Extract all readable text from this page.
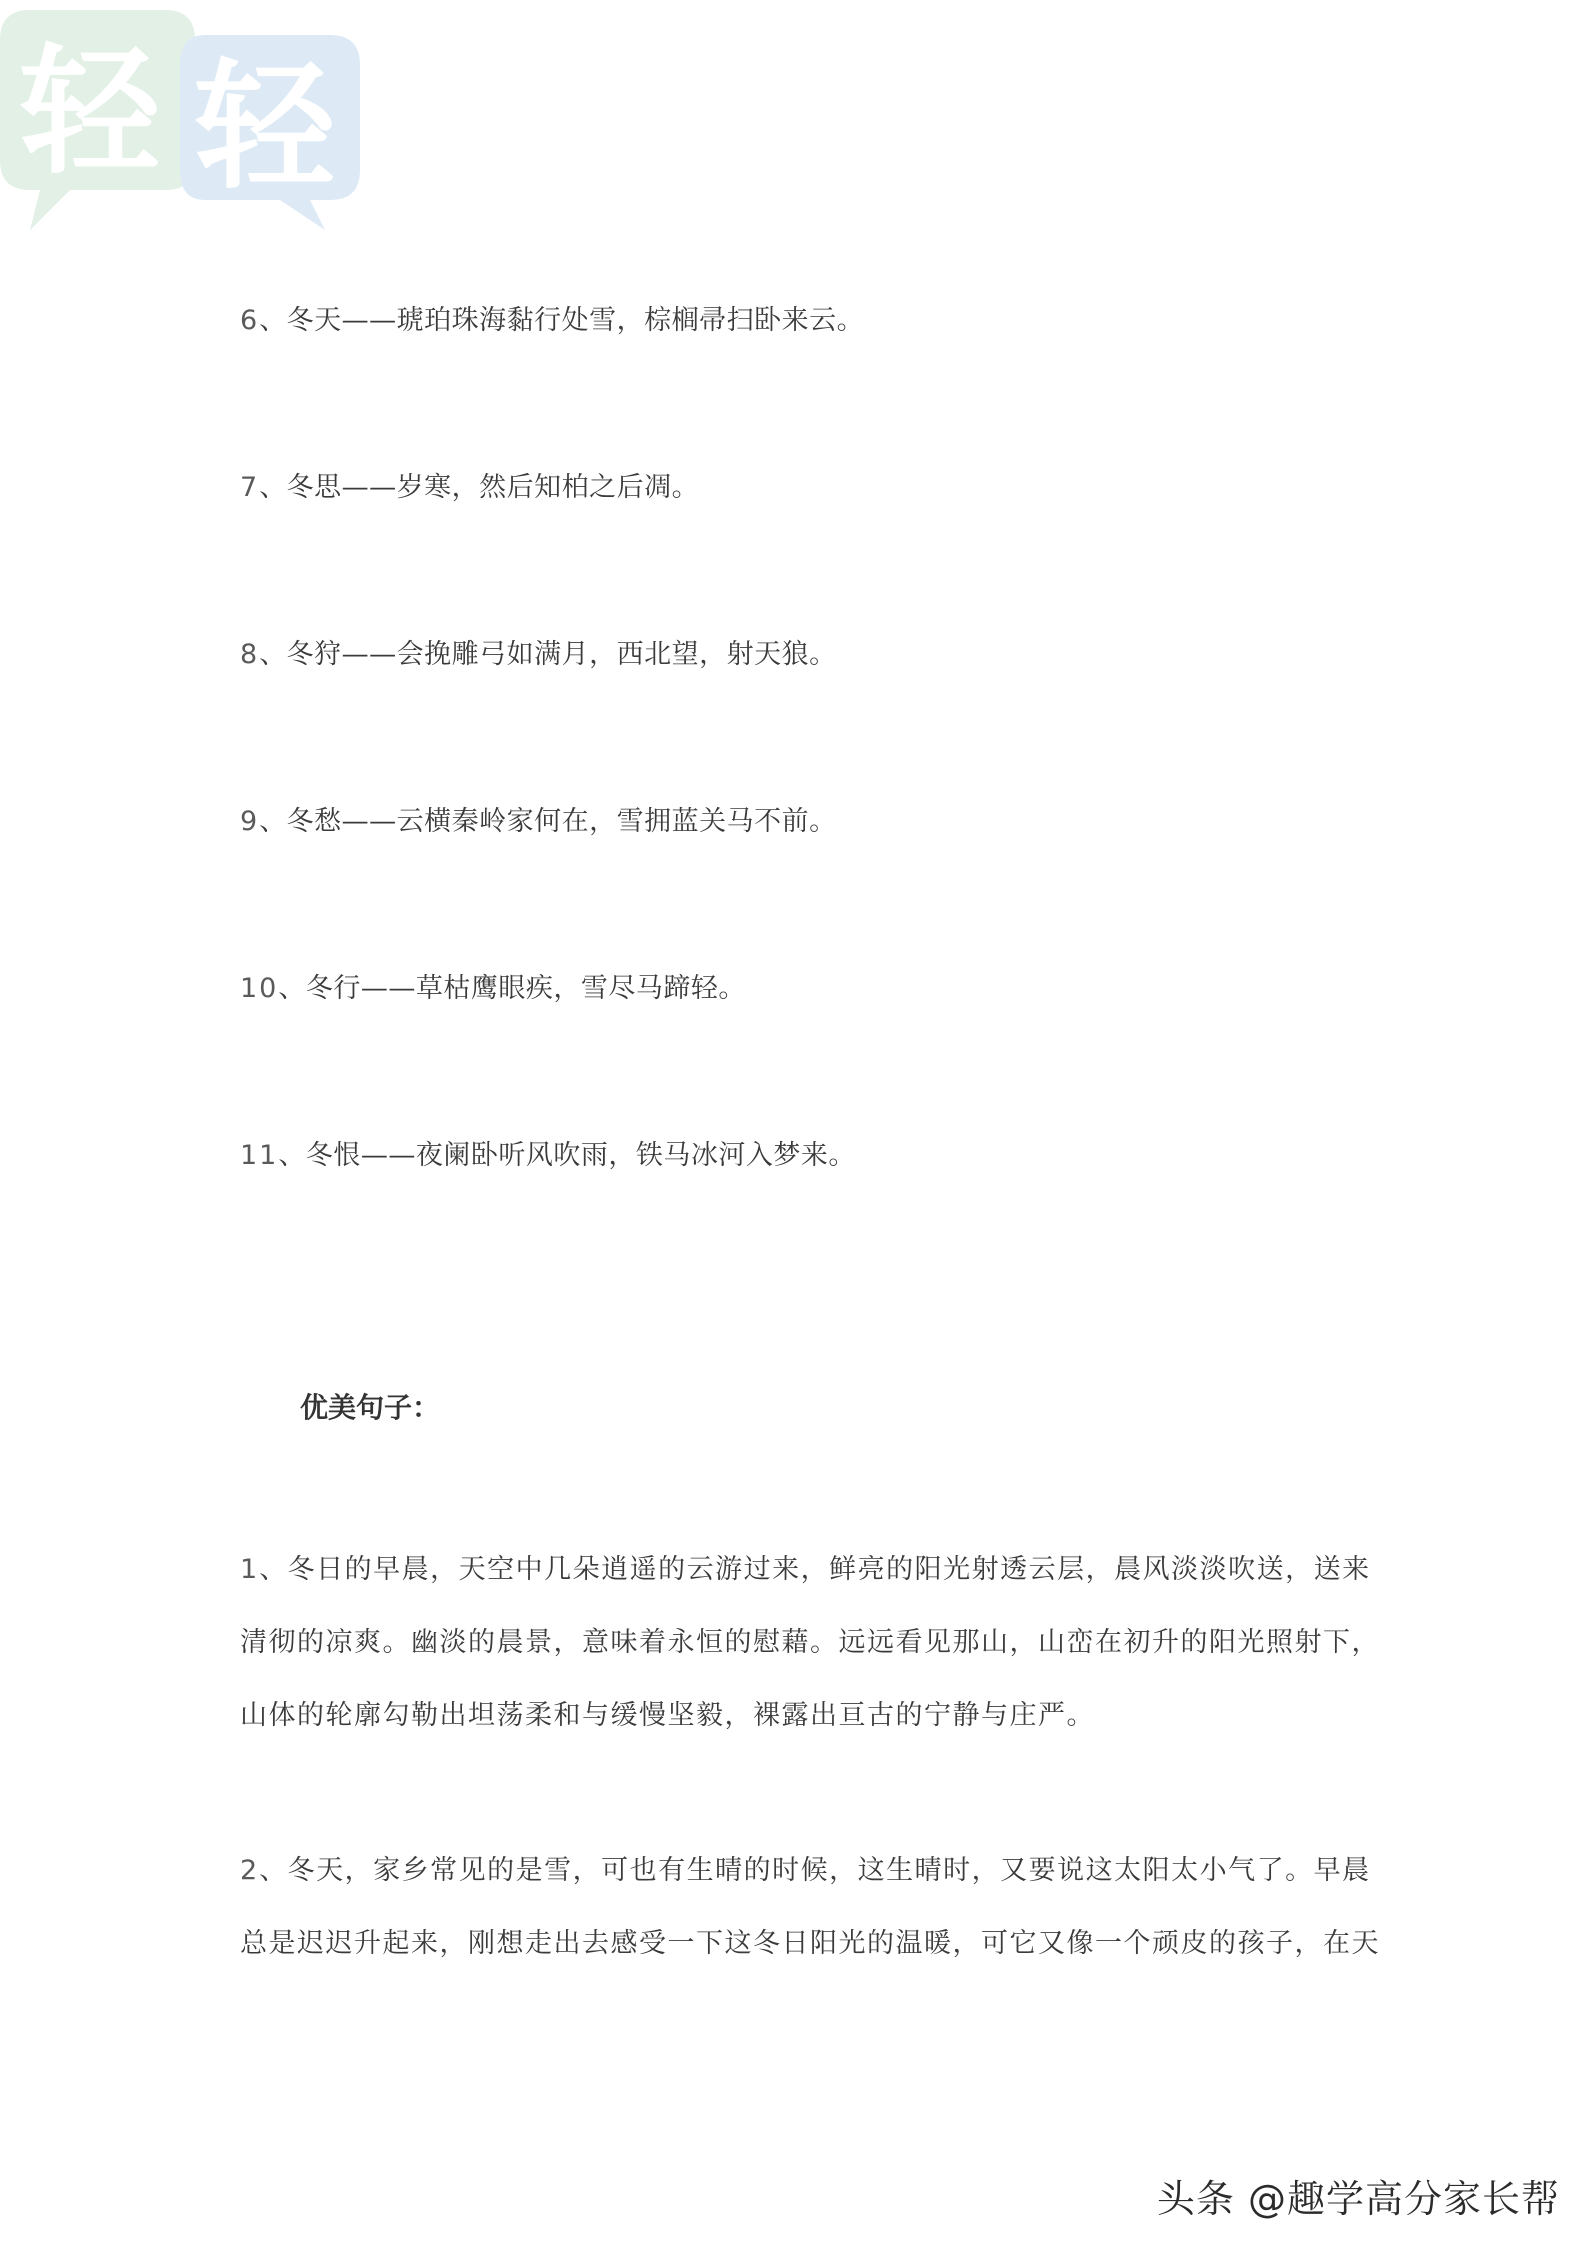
轻 轻
6、冬天——琥珀珠海黏行处雪，棕榈帚扫卧来云。
7、冬思——岁寒，然后知柏之后凋。
8、冬狩——会挽雕弓如满月，西北望，射天狼。
9、冬愁——云横秦岭家何在，雪拥蓝关马不前。
10、冬行——草枯鹰眼疾，雪尽马蹄轻。
11、冬恨——夜阑卧听风吹雨，铁马冰河入梦来。
优美句子：
1、冬日的早晨，天空中几朵逍遥的云游过来，鲜亮的阳光射透云层，晨风淡淡吹送，送来
清彻的凉爽。幽淡的晨景，意味着永恒的慰藉。远远看见那山，山峦在初升的阳光照射下，
山体的轮廓勾勒出坦荡柔和与缓慢坚毅，裸露出亘古的宁静与庄严。
2、冬天，家乡常见的是雪，可也有生晴的时候，这生晴时，又要说这太阳太小气了。早晨
总是迟迟升起来，刚想走出去感受一下这冬日阳光的温暖，可它又像一个顽皮的孩子，在天
头条 @趣学高分家长帮
